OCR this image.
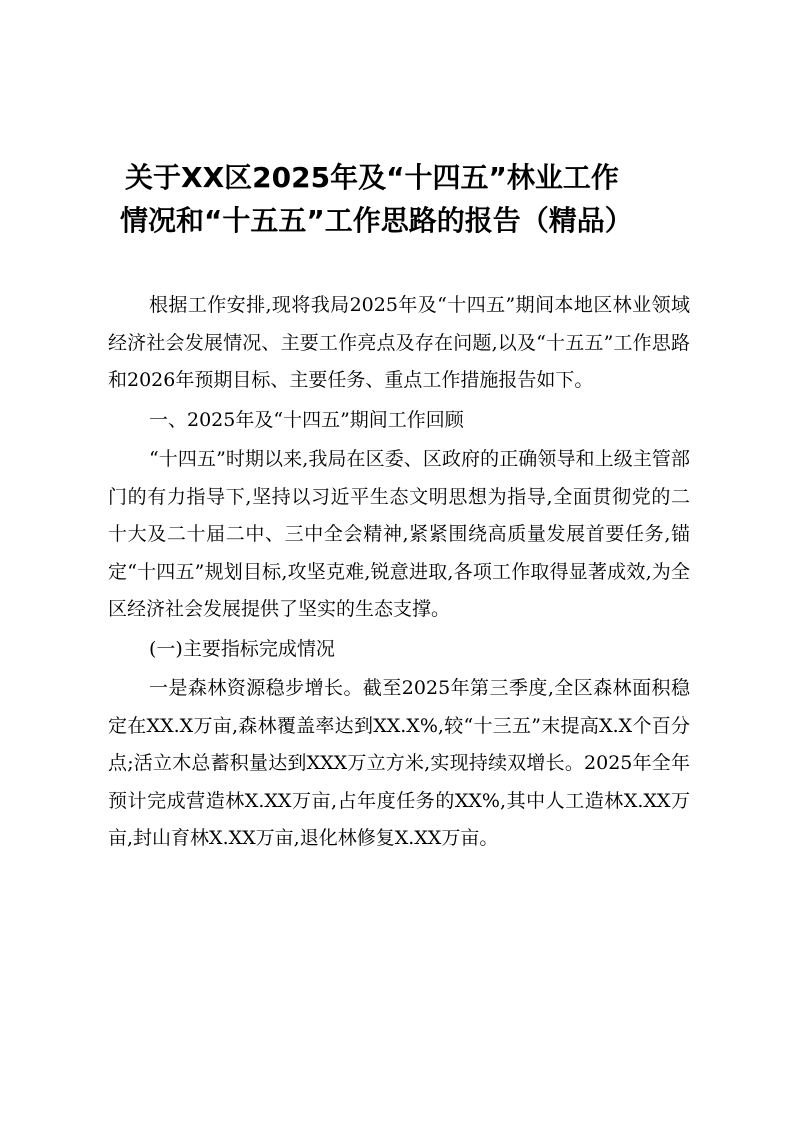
关于XX区2025年及“十四五”林业工作
情况和“十五五”工作思路的报告（精品）

根据工作安排,现将我局2025年及“十四五”期间本地区林业领域经济社会发展情况、主要工作亮点及存在问题,以及“十五五”工作思路和2026年预期目标、主要任务、重点工作措施报告如下。

一、2025年及“十四五”期间工作回顾

“十四五”时期以来,我局在区委、区政府的正确领导和上级主管部门的有力指导下,坚持以习近平生态文明思想为指导,全面贯彻党的二十大及二十届二中、三中全会精神,紧紧围绕高质量发展首要任务,锚定“十四五”规划目标,攻坚克难,锐意进取,各项工作取得显著成效,为全区经济社会发展提供了坚实的生态支撑。

(一)主要指标完成情况

一是森林资源稳步增长。截至2025年第三季度,全区森林面积稳定在XX.X万亩,森林覆盖率达到XX.X%,较“十三五”末提高X.X个百分点;活立木总蓄积量达到XXX万立方米,实现持续双增长。2025年全年预计完成营造林X.XX万亩,占年度任务的XX%,其中人工造林X.XX万亩,封山育林X.XX万亩,退化林修复X.XX万亩。
